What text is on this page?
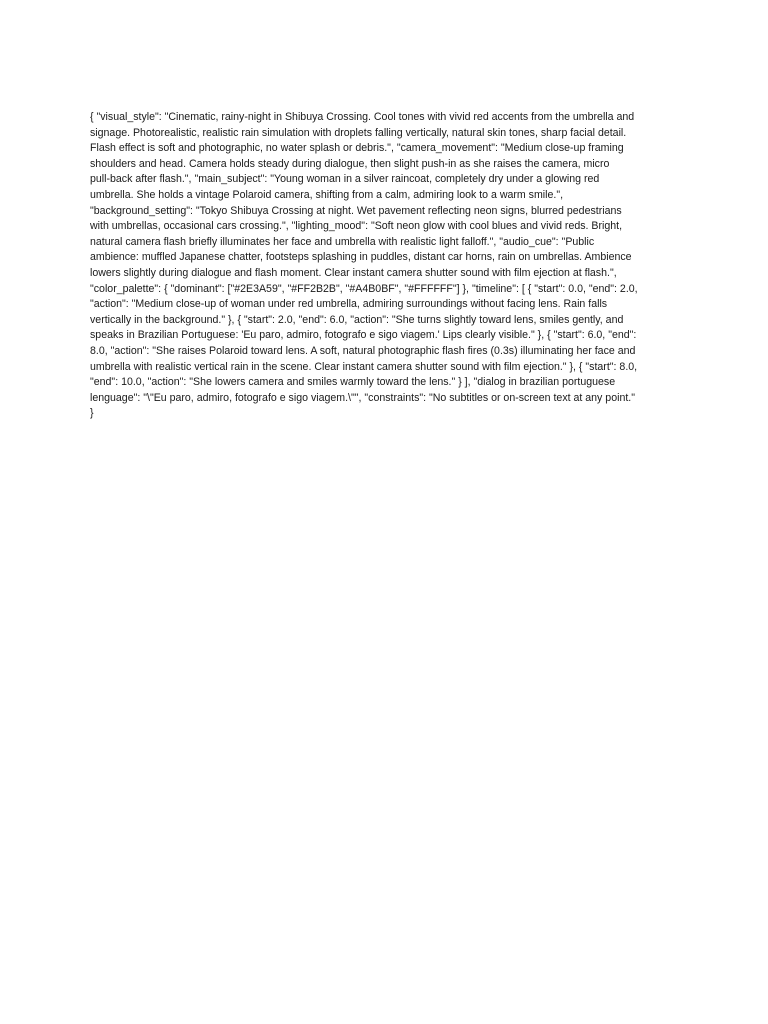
{ "visual_style": "Cinematic, rainy-night in Shibuya Crossing. Cool tones with vivid red accents from the umbrella and
signage. Photorealistic, realistic rain simulation with droplets falling vertically, natural skin tones, sharp facial detail.
Flash effect is soft and photographic, no water splash or debris.", "camera_movement": "Medium close-up framing
shoulders and head. Camera holds steady during dialogue, then slight push-in as she raises the camera, micro
pull-back after flash.", "main_subject": "Young woman in a silver raincoat, completely dry under a glowing red
umbrella. She holds a vintage Polaroid camera, shifting from a calm, admiring look to a warm smile.",
"background_setting": "Tokyo Shibuya Crossing at night. Wet pavement reflecting neon signs, blurred pedestrians
with umbrellas, occasional cars crossing.", "lighting_mood": "Soft neon glow with cool blues and vivid reds. Bright,
natural camera flash briefly illuminates her face and umbrella with realistic light falloff.", "audio_cue": "Public
ambience: muffled Japanese chatter, footsteps splashing in puddles, distant car horns, rain on umbrellas. Ambience
lowers slightly during dialogue and flash moment. Clear instant camera shutter sound with film ejection at flash.",
"color_palette": { "dominant": ["#2E3A59", "#FF2B2B", "#A4B0BF", "#FFFFFF"] }, "timeline": [ { "start": 0.0, "end": 2.0,
"action": "Medium close-up of woman under red umbrella, admiring surroundings without facing lens. Rain falls
vertically in the background." }, { "start": 2.0, "end": 6.0, "action": "She turns slightly toward lens, smiles gently, and
speaks in Brazilian Portuguese: 'Eu paro, admiro, fotografo e sigo viagem.' Lips clearly visible." }, { "start": 6.0, "end":
8.0, "action": "She raises Polaroid toward lens. A soft, natural photographic flash fires (0.3s) illuminating her face and
umbrella with realistic vertical rain in the scene. Clear instant camera shutter sound with film ejection." }, { "start": 8.0,
"end": 10.0, "action": "She lowers camera and smiles warmly toward the lens." } ], "dialog in brazilian portuguese
lenguage": "\"Eu paro, admiro, fotografo e sigo viagem.\"", "constraints": "No subtitles or on-screen text at any point."
}
